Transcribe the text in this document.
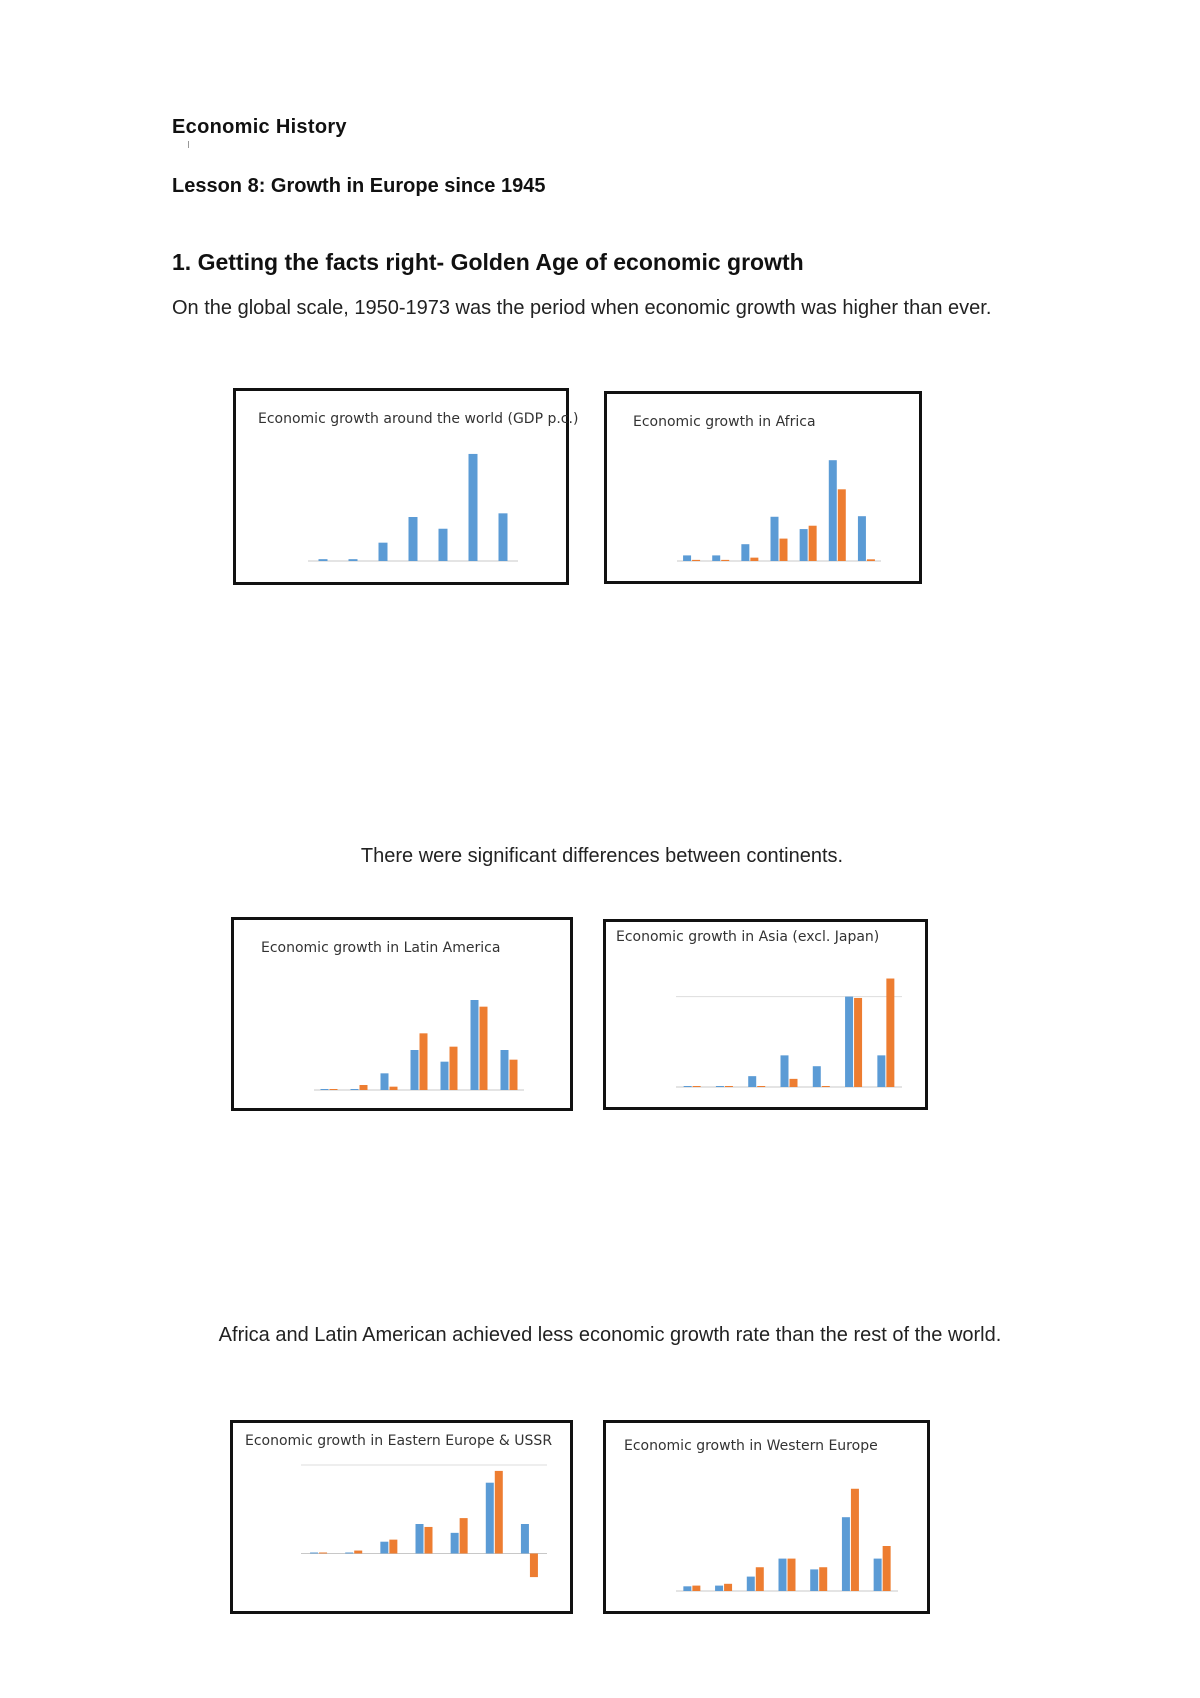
Economic History

Lesson 8: Growth in Europe since 1945

1. Getting the facts right- Golden Age of economic growth

On the global scale, 1950-1973 was the period when economic growth was higher than ever.

Economic growth around the world (GDP p.c.)	Economic growth in Africa

There were significant differences between continents.

Economic growth in Latin America

Economic growth in Asia (excl. Japan)

Africa and Latin American achieved less economic growth rate than the rest of the world.

Economic growth in Eastern Europe & USSR	Economic growth in Western Europe
